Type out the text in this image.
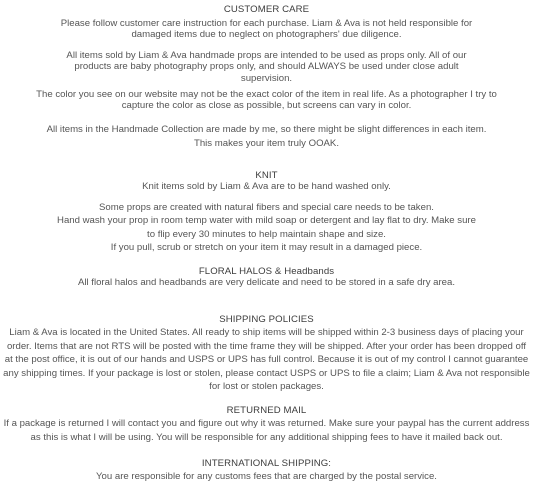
CUSTOMER CARE
Please follow customer care instruction for each purchase. Liam & Ava is not held responsible for
damaged items due to neglect on photographers' due diligence.
All items sold by Liam & Ava handmade props are intended to be used as props only. All of our
products are baby photography props only, and should ALWAYS be used under close adult
supervision.
The color you see on our website may not be the exact color of the item in real life. As a photographer I try to
capture the color as close as possible, but screens can vary in color.
All items in the Handmade Collection are made by me, so there might be slight differences in each item.
This makes your item truly OOAK.
KNIT
Knit items sold by Liam & Ava are to be hand washed only.
Some props are created with natural fibers and special care needs to be taken.
Hand wash your prop in room temp water with mild soap or detergent and lay flat to dry. Make sure
to flip every 30 minutes to help maintain shape and size.
If you pull, scrub or stretch on your item it may result in a damaged piece.
FLORAL HALOS & Headbands
All floral halos and headbands are very delicate and need to be stored in a safe dry area.
SHIPPING POLICIES
Liam & Ava is located in the United States. All ready to ship items will be shipped within 2-3 business days of placing your
order. Items that are not RTS will be posted with the time frame they will be shipped. After your order has been dropped off
at the post office, it is out of our hands and USPS or UPS has full control. Because it is out of my control I cannot guarantee
any shipping times. If your package is lost or stolen, please contact USPS or UPS to file a claim; Liam & Ava not responsible
for lost or stolen packages.
RETURNED MAIL
If a package is returned I will contact you and figure out why it was returned. Make sure your paypal has the current address
as this is what I will be using. You will be responsible for any additional shipping fees to have it mailed back out.
INTERNATIONAL SHIPPING:
You are responsible for any customs fees that are charged by the postal service.
